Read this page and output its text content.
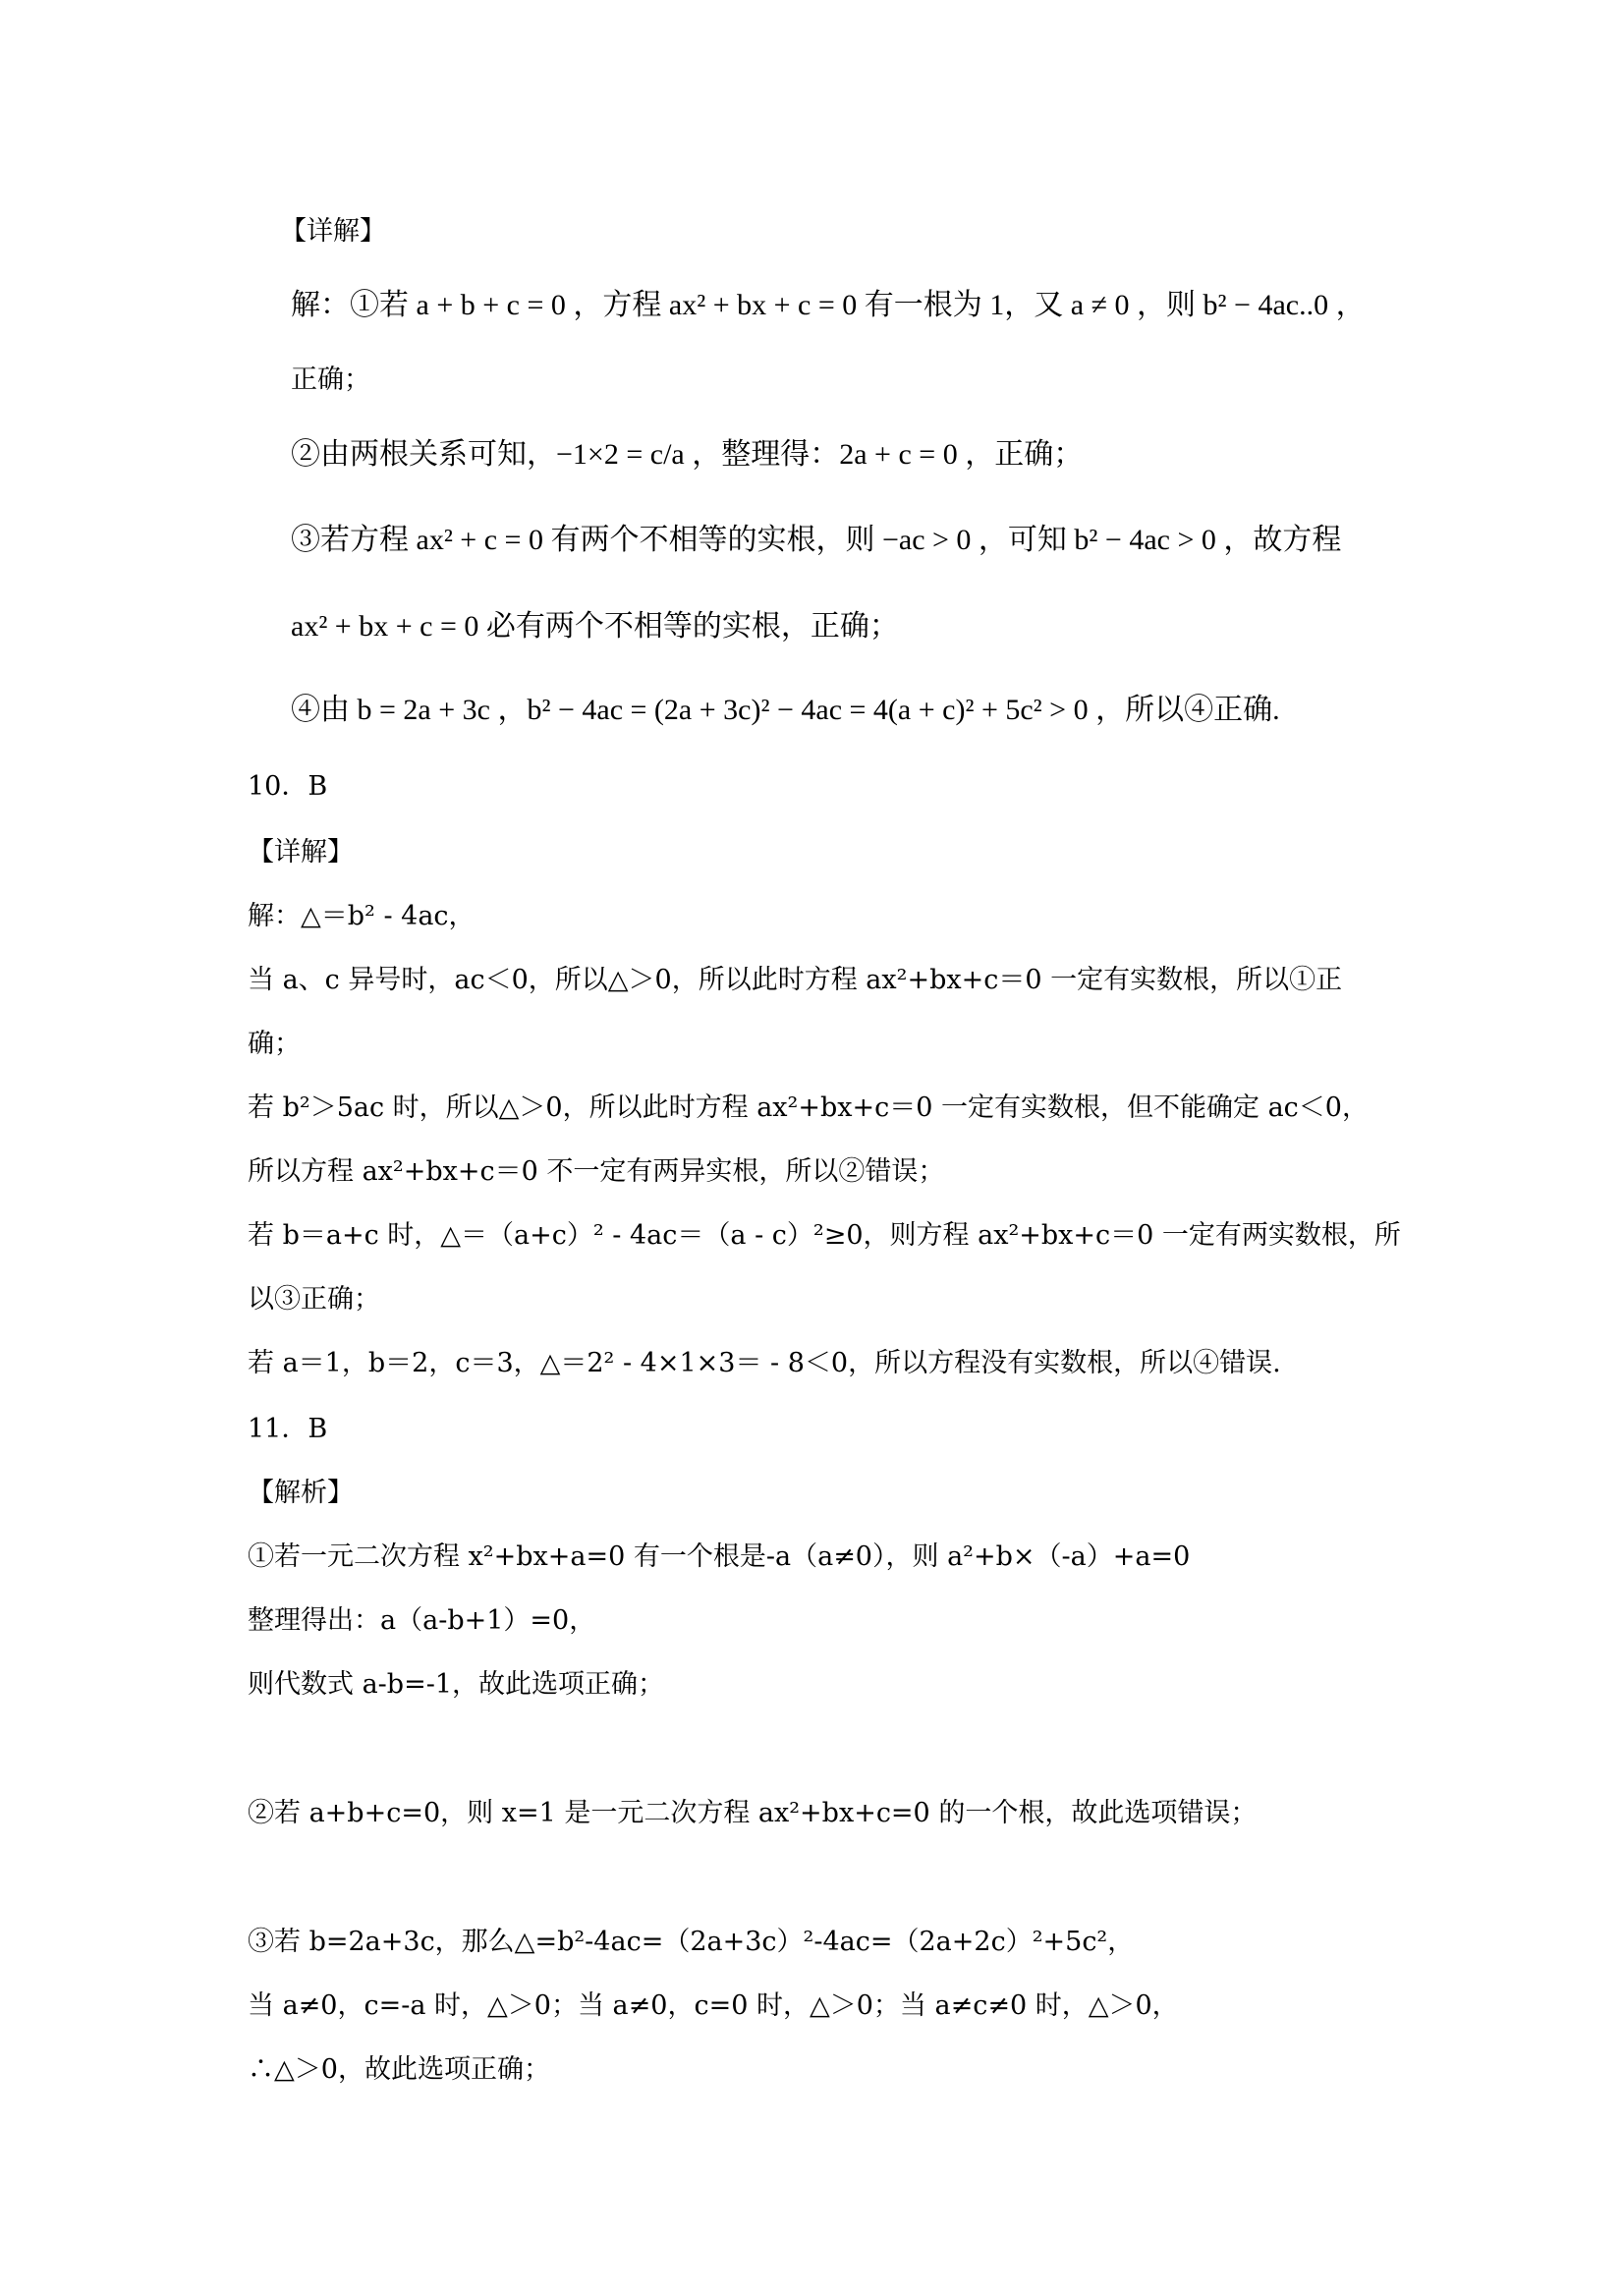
【详解】
解：①若 a + b + c = 0 ，方程 ax² + bx + c = 0 有一根为 1，又 a ≠ 0 ，则 b² − 4ac..0 ，
正确；
②由两根关系可知，−1×2 = c/a ，整理得：2a + c = 0 ，正确；
③若方程 ax² + c = 0 有两个不相等的实根，则 −ac > 0 ，可知 b² − 4ac > 0 ，故方程
ax² + bx + c = 0 必有两个不相等的实根，正确；
④由 b = 2a + 3c ，b² − 4ac = (2a + 3c)² − 4ac = 4(a + c)² + 5c² > 0 ，所以④正确.
10．B
【详解】
解：△＝b² - 4ac，
当 a、c 异号时，ac＜0，所以△＞0，所以此时方程 ax²+bx+c＝0 一定有实数根，所以①正
确；
若 b²＞5ac 时，所以△＞0，所以此时方程 ax²+bx+c＝0 一定有实数根，但不能确定 ac＜0，
所以方程 ax²+bx+c＝0 不一定有两异实根，所以②错误；
若 b＝a+c 时，△＝（a+c）² - 4ac＝（a - c）²≥0，则方程 ax²+bx+c＝0 一定有两实数根，所
以③正确；
若 a＝1，b＝2，c＝3，△＝2² - 4×1×3＝ - 8＜0，所以方程没有实数根，所以④错误.
11．B
【解析】
①若一元二次方程 x²+bx+a=0 有一个根是-a（a≠0），则 a²+b×（-a）+a=0
整理得出：a（a-b+1）=0，
则代数式 a-b=-1，故此选项正确；
②若 a+b+c=0，则 x=1 是一元二次方程 ax²+bx+c=0 的一个根，故此选项错误；
③若 b=2a+3c，那么△=b²-4ac=（2a+3c）²-4ac=（2a+2c）²+5c²，
当 a≠0，c=-a 时，△＞0；当 a≠0，c=0 时，△＞0；当 a≠c≠0 时，△＞0，
∴△＞0，故此选项正确；
